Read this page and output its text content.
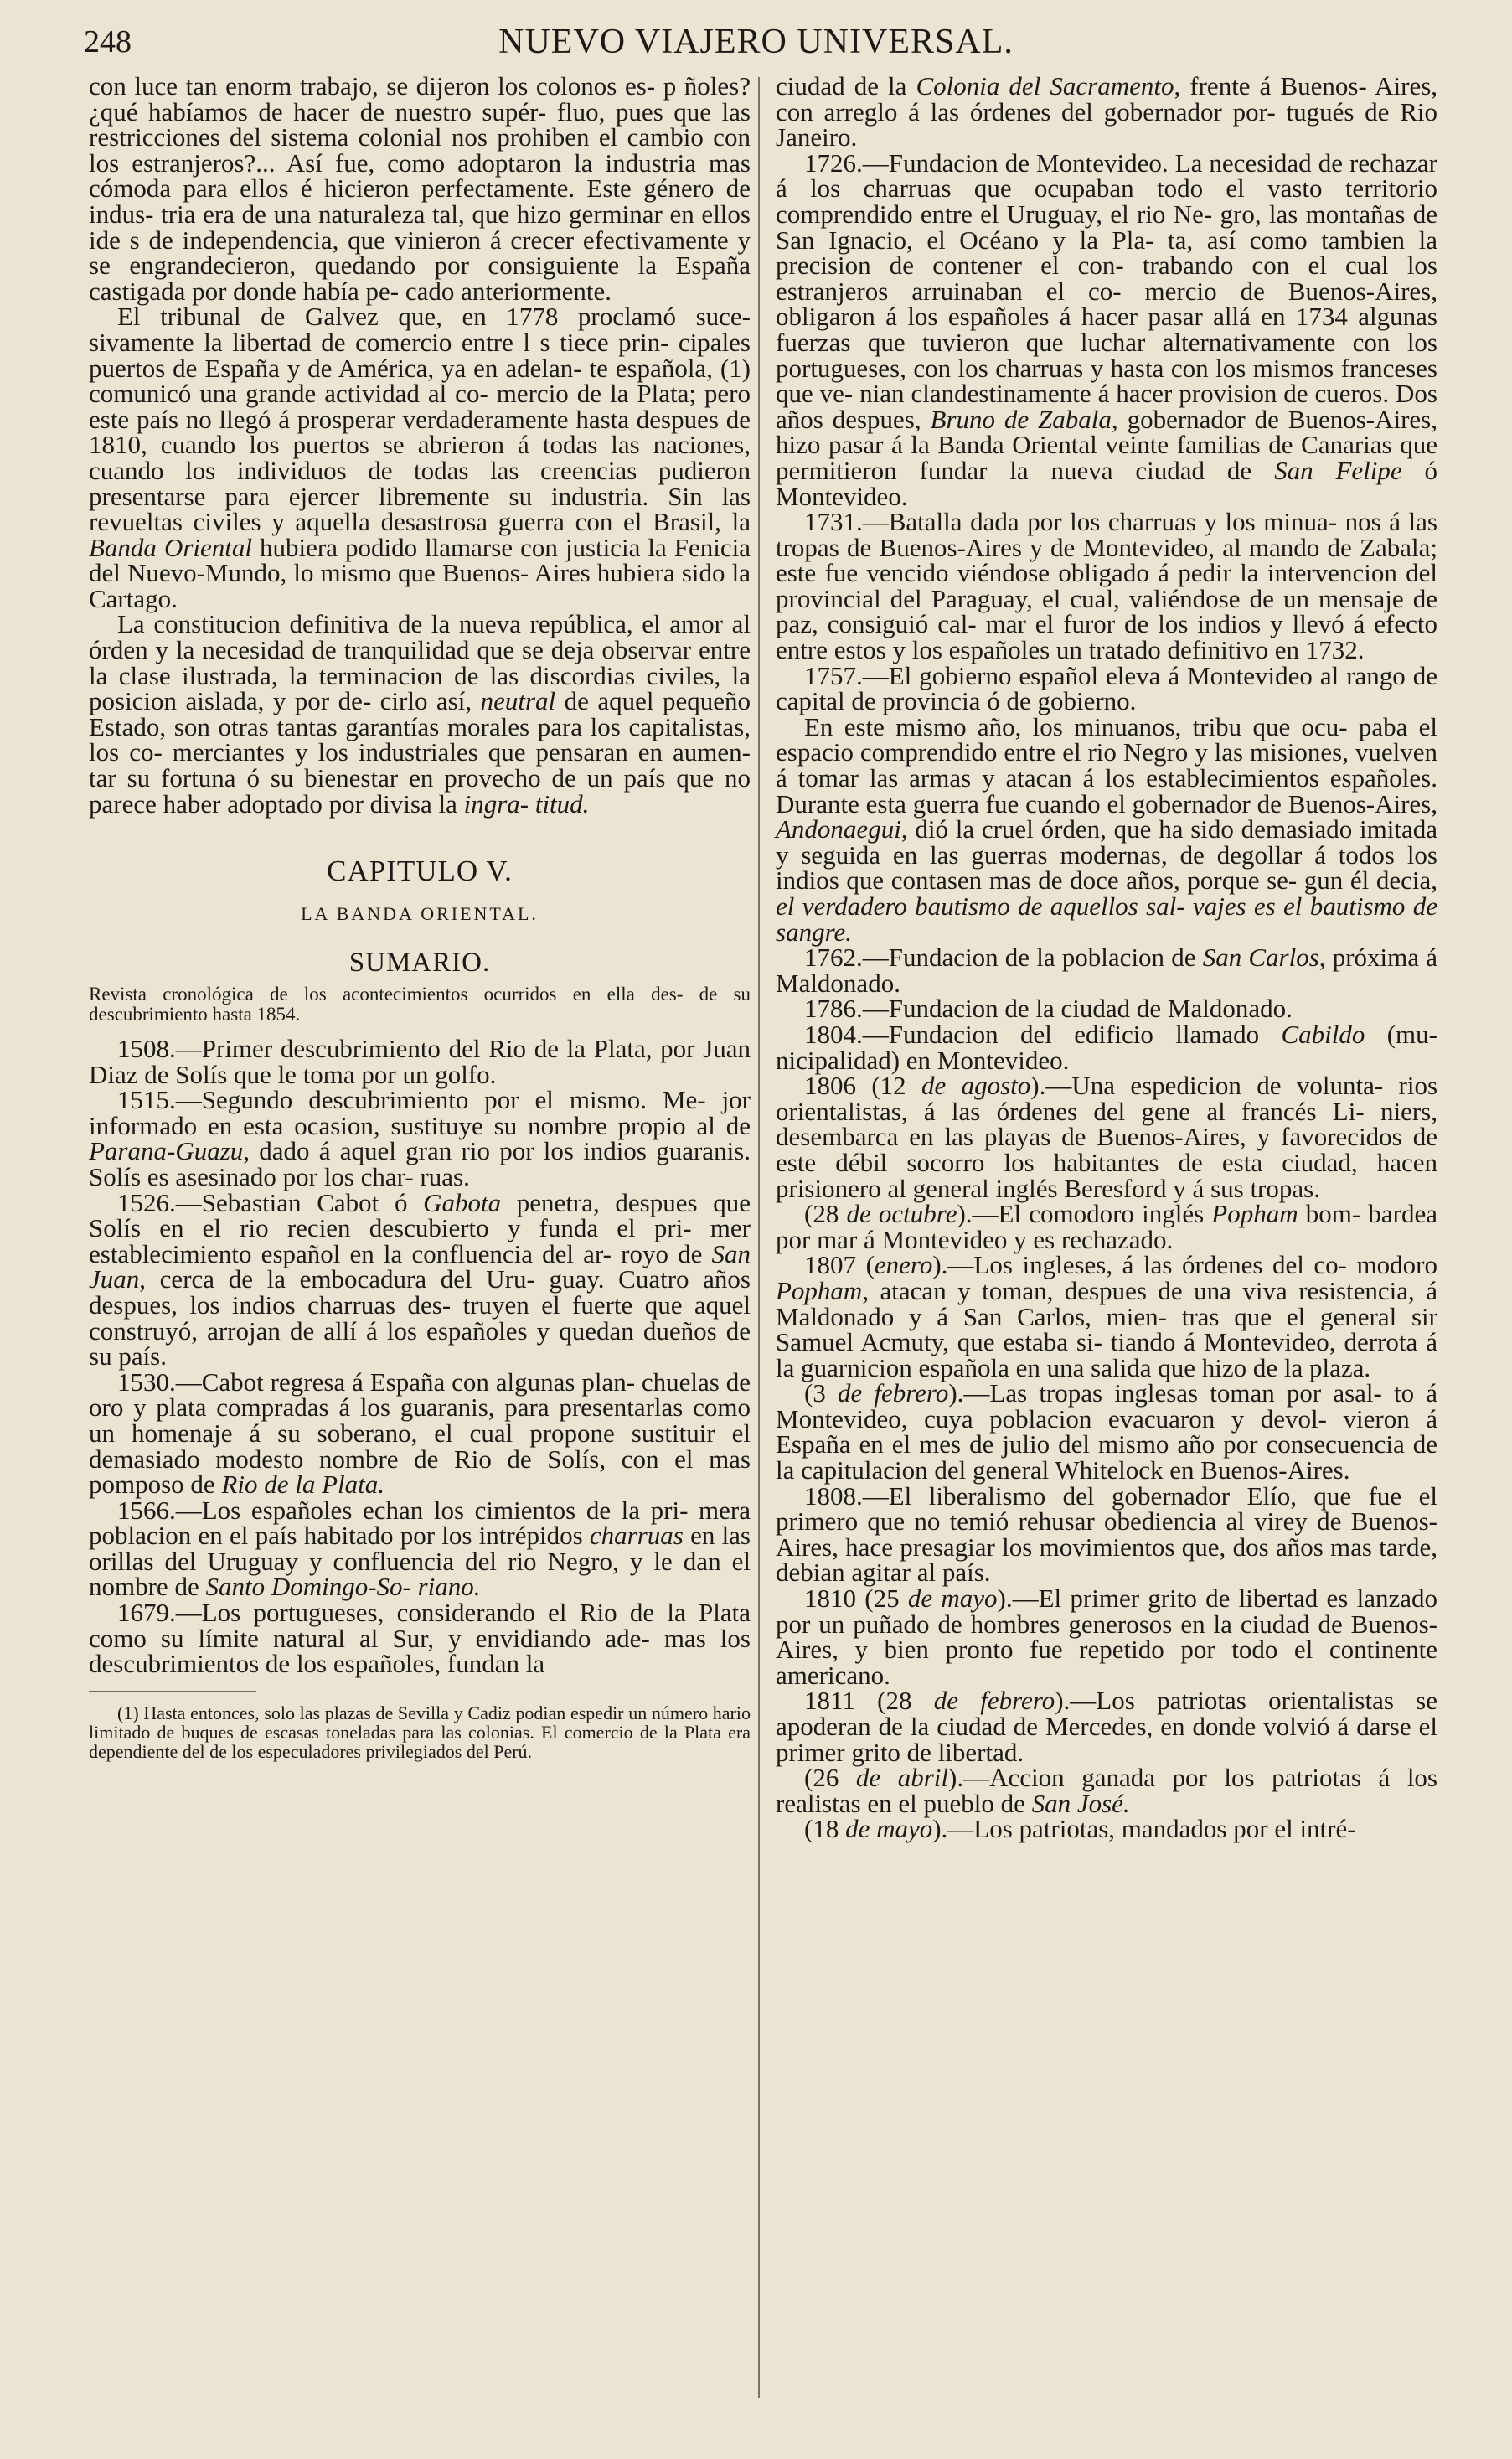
248	NUEVO VIAJERO UNIVERSAL.

con luce tan enorm trabajo, se dijeron los colonos es- p ñoles? ¿qué habíamos de hacer de nuestro supér- fluo, pues que las restricciones del sistema colonial nos prohiben el cambio con los estranjeros?... Así fue, como adoptaron la industria mas cómoda para ellos é hicieron perfectamente. Este género de indus- tria era de una naturaleza tal, que hizo germinar en ellos ide s de independencia, que vinieron á crecer efectivamente y se engrandecieron, quedando por consiguiente la España castigada por donde había pe- cado anteriormente.

El tribunal de Galvez que, en 1778 proclamó suce- sivamente la libertad de comercio entre l s tiece prin- cipales puertos de España y de América, ya en adelan- te española, (1) comunicó una grande actividad al co- mercio de la Plata; pero este país no llegó á prosperar verdaderamente hasta despues de 1810, cuando los puertos se abrieron á todas las naciones, cuando los individuos de todas las creencias pudieron presentarse para ejercer libremente su industria. Sin las revueltas civiles y aquella desastrosa guerra con el Brasil, la Banda Oriental hubiera podido llamarse con justicia la Fenicia del Nuevo-Mundo, lo mismo que Buenos- Aires hubiera sido la Cartago.

La constitucion definitiva de la nueva república, el amor al órden y la necesidad de tranquilidad que se deja observar entre la clase ilustrada, la terminacion de las discordias civiles, la posicion aislada, y por de- cirlo así, neutral de aquel pequeño Estado, son otras tantas garantías morales para los capitalistas, los co- merciantes y los industriales que pensaran en aumen- tar su fortuna ó su bienestar en provecho de un país que no parece haber adoptado por divisa la ingra- titud.

CAPITULO V.

LA BANDA ORIENTAL.

SUMARIO.

Revista cronológica de los acontecimientos ocurridos en ella des- de su descubrimiento hasta 1854.

1508.—Primer descubrimiento del Rio de la Plata, por Juan Diaz de Solís que le toma por un golfo.

1515.—Segundo descubrimiento por el mismo. Me- jor informado en esta ocasion, sustituye su nombre propio al de Parana-Guazu, dado á aquel gran rio por los indios guaranis. Solís es asesinado por los char- ruas.

1526.—Sebastian Cabot ó Gabota penetra, despues que Solís en el rio recien descubierto y funda el pri- mer establecimiento español en la confluencia del ar- royo de San Juan, cerca de la embocadura del Uru- guay. Cuatro años despues, los indios charruas des- truyen el fuerte que aquel construyó, arrojan de allí á los españoles y quedan dueños de su país.

1530.—Cabot regresa á España con algunas plan- chuelas de oro y plata compradas á los guaranis, para presentarlas como un homenaje á su soberano, el cual propone sustituir el demasiado modesto nombre de Rio de Solís, con el mas pomposo de Rio de la Plata.

1566.—Los españoles echan los cimientos de la pri- mera poblacion en el país habitado por los intrépidos charruas en las orillas del Uruguay y confluencia del rio Negro, y le dan el nombre de Santo Domingo-So- riano.

1679.—Los portugueses, considerando el Rio de la Plata como su límite natural al Sur, y envidiando ade- mas los descubrimientos de los españoles, fundan la

(1) Hasta entonces, solo las plazas de Sevilla y Cadiz podian espedir un número hario limitado de buques de escasas toneladas para las colonias. El comercio de la Plata era dependiente del de los especuladores privilegiados del Perú.

ciudad de la Colonia del Sacramento, frente á Buenos- Aires, con arreglo á las órdenes del gobernador por- tugués de Rio Janeiro.

1726.—Fundacion de Montevideo. La necesidad de rechazar á los charruas que ocupaban todo el vasto territorio comprendido entre el Uruguay, el rio Ne- gro, las montañas de San Ignacio, el Océano y la Pla- ta, así como tambien la precision de contener el con- trabando con el cual los estranjeros arruinaban el co- mercio de Buenos-Aires, obligaron á los españoles á hacer pasar allá en 1734 algunas fuerzas que tuvieron que luchar alternativamente con los portugueses, con los charruas y hasta con los mismos franceses que ve- nian clandestinamente á hacer provision de cueros. Dos años despues, Bruno de Zabala, gobernador de Buenos-Aires, hizo pasar á la Banda Oriental veinte familias de Canarias que permitieron fundar la nueva ciudad de San Felipe ó Montevideo.

1731.—Batalla dada por los charruas y los minua- nos á las tropas de Buenos-Aires y de Montevideo, al mando de Zabala; este fue vencido viéndose obligado á pedir la intervencion del provincial del Paraguay, el cual, valiéndose de un mensaje de paz, consiguió cal- mar el furor de los indios y llevó á efecto entre estos y los españoles un tratado definitivo en 1732.

1757.—El gobierno español eleva á Montevideo al rango de capital de provincia ó de gobierno.

En este mismo año, los minuanos, tribu que ocu- paba el espacio comprendido entre el rio Negro y las misiones, vuelven á tomar las armas y atacan á los establecimientos españoles. Durante esta guerra fue cuando el gobernador de Buenos-Aires, Andonaegui, dió la cruel órden, que ha sido demasiado imitada y seguida en las guerras modernas, de degollar á todos los indios que contasen mas de doce años, porque se- gun él decia, el verdadero bautismo de aquellos sal- vajes es el bautismo de sangre.

1762.—Fundacion de la poblacion de San Carlos, próxima á Maldonado.

1786.—Fundacion de la ciudad de Maldonado.

1804.—Fundacion del edificio llamado Cabildo (mu- nicipalidad) en Montevideo.

1806 (12 de agosto).—Una espedicion de volunta- rios orientalistas, á las órdenes del gene al francés Li- niers, desembarca en las playas de Buenos-Aires, y favorecidos de este débil socorro los habitantes de esta ciudad, hacen prisionero al general inglés Beresford y á sus tropas.

(28 de octubre).—El comodoro inglés Popham bom- bardea por mar á Montevideo y es rechazado.

1807 (enero).—Los ingleses, á las órdenes del co- modoro Popham, atacan y toman, despues de una viva resistencia, á Maldonado y á San Carlos, mien- tras que el general sir Samuel Acmuty, que estaba si- tiando á Montevideo, derrota á la guarnicion española en una salida que hizo de la plaza.

(3 de febrero).—Las tropas inglesas toman por asal- to á Montevideo, cuya poblacion evacuaron y devol- vieron á España en el mes de julio del mismo año por consecuencia de la capitulacion del general Whitelock en Buenos-Aires.

1808.—El liberalismo del gobernador Elío, que fue el primero que no temió rehusar obediencia al virey de Buenos-Aires, hace presagiar los movimientos que, dos años mas tarde, debian agitar al país.

1810 (25 de mayo).—El primer grito de libertad es lanzado por un puñado de hombres generosos en la ciudad de Buenos-Aires, y bien pronto fue repetido por todo el continente americano.

1811 (28 de febrero).—Los patriotas orientalistas se apoderan de la ciudad de Mercedes, en donde volvió á darse el primer grito de libertad.

(26 de abril).—Accion ganada por los patriotas á los realistas en el pueblo de San José.

(18 de mayo).—Los patriotas, mandados por el intré-
